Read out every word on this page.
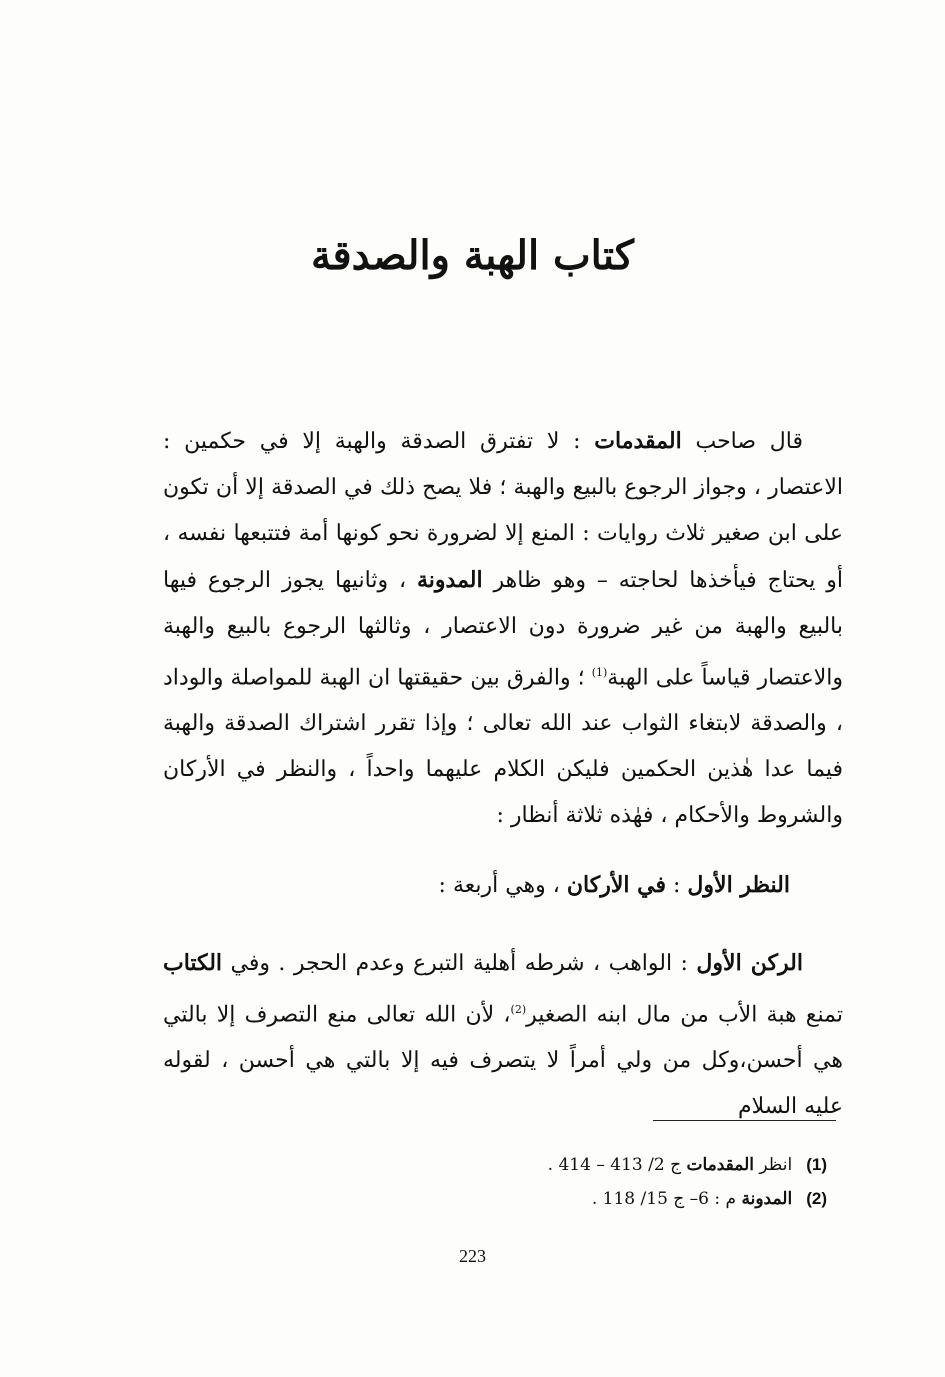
كتاب الهبة والصدقة
قال صاحب المقدمات : لا تفترق الصدقة والهبة إلا في حكمين : الاعتصار ، وجواز الرجوع بالبيع والهبة ؛ فلا يصح ذلك في الصدقة إلا أن تكون على ابن صغير ثلاث روايات : المنع إلا لضرورة نحو كونها أمة فتتبعها نفسه ، أو يحتاج فيأخذها لحاجته – وهو ظاهر المدونة ، وثانيها يجوز الرجوع فيها بالبيع والهبة من غير ضرورة دون الاعتصار ، وثالثها الرجوع بالبيع والهبة والاعتصار قياساً على الهبة$^{(1)}$ ؛ والفرق بين حقيقتها ان الهبة للمواصلة والوداد ، والصدقة لابتغاء الثواب عند الله تعالى ؛ وإذا تقرر اشتراك الصدقة والهبة فيما عدا هٰذين الحكمين فليكن الكلام عليهما واحداً ، والنظر في الأركان والشروط والأحكام ، فهٰذه ثلاثة أنظار :
النظر الأول : في الأركان ، وهي أربعة :
الركن الأول : الواهب ، شرطه أهلية التبرع وعدم الحجر . وفي الكتاب تمنع هبة الأب من مال ابنه الصغير$^{(2)}$، لأن الله تعالى منع التصرف إلا بالتي هي أحسن،وكل من ولي أمراً لا يتصرف فيه إلا بالتي هي أحسن ، لقوله عليه السلام
(1)انظر المقدمات ج 2/ 413 – 414 .
(2)المدونة م : 6– ج 15/ 118 .
223
